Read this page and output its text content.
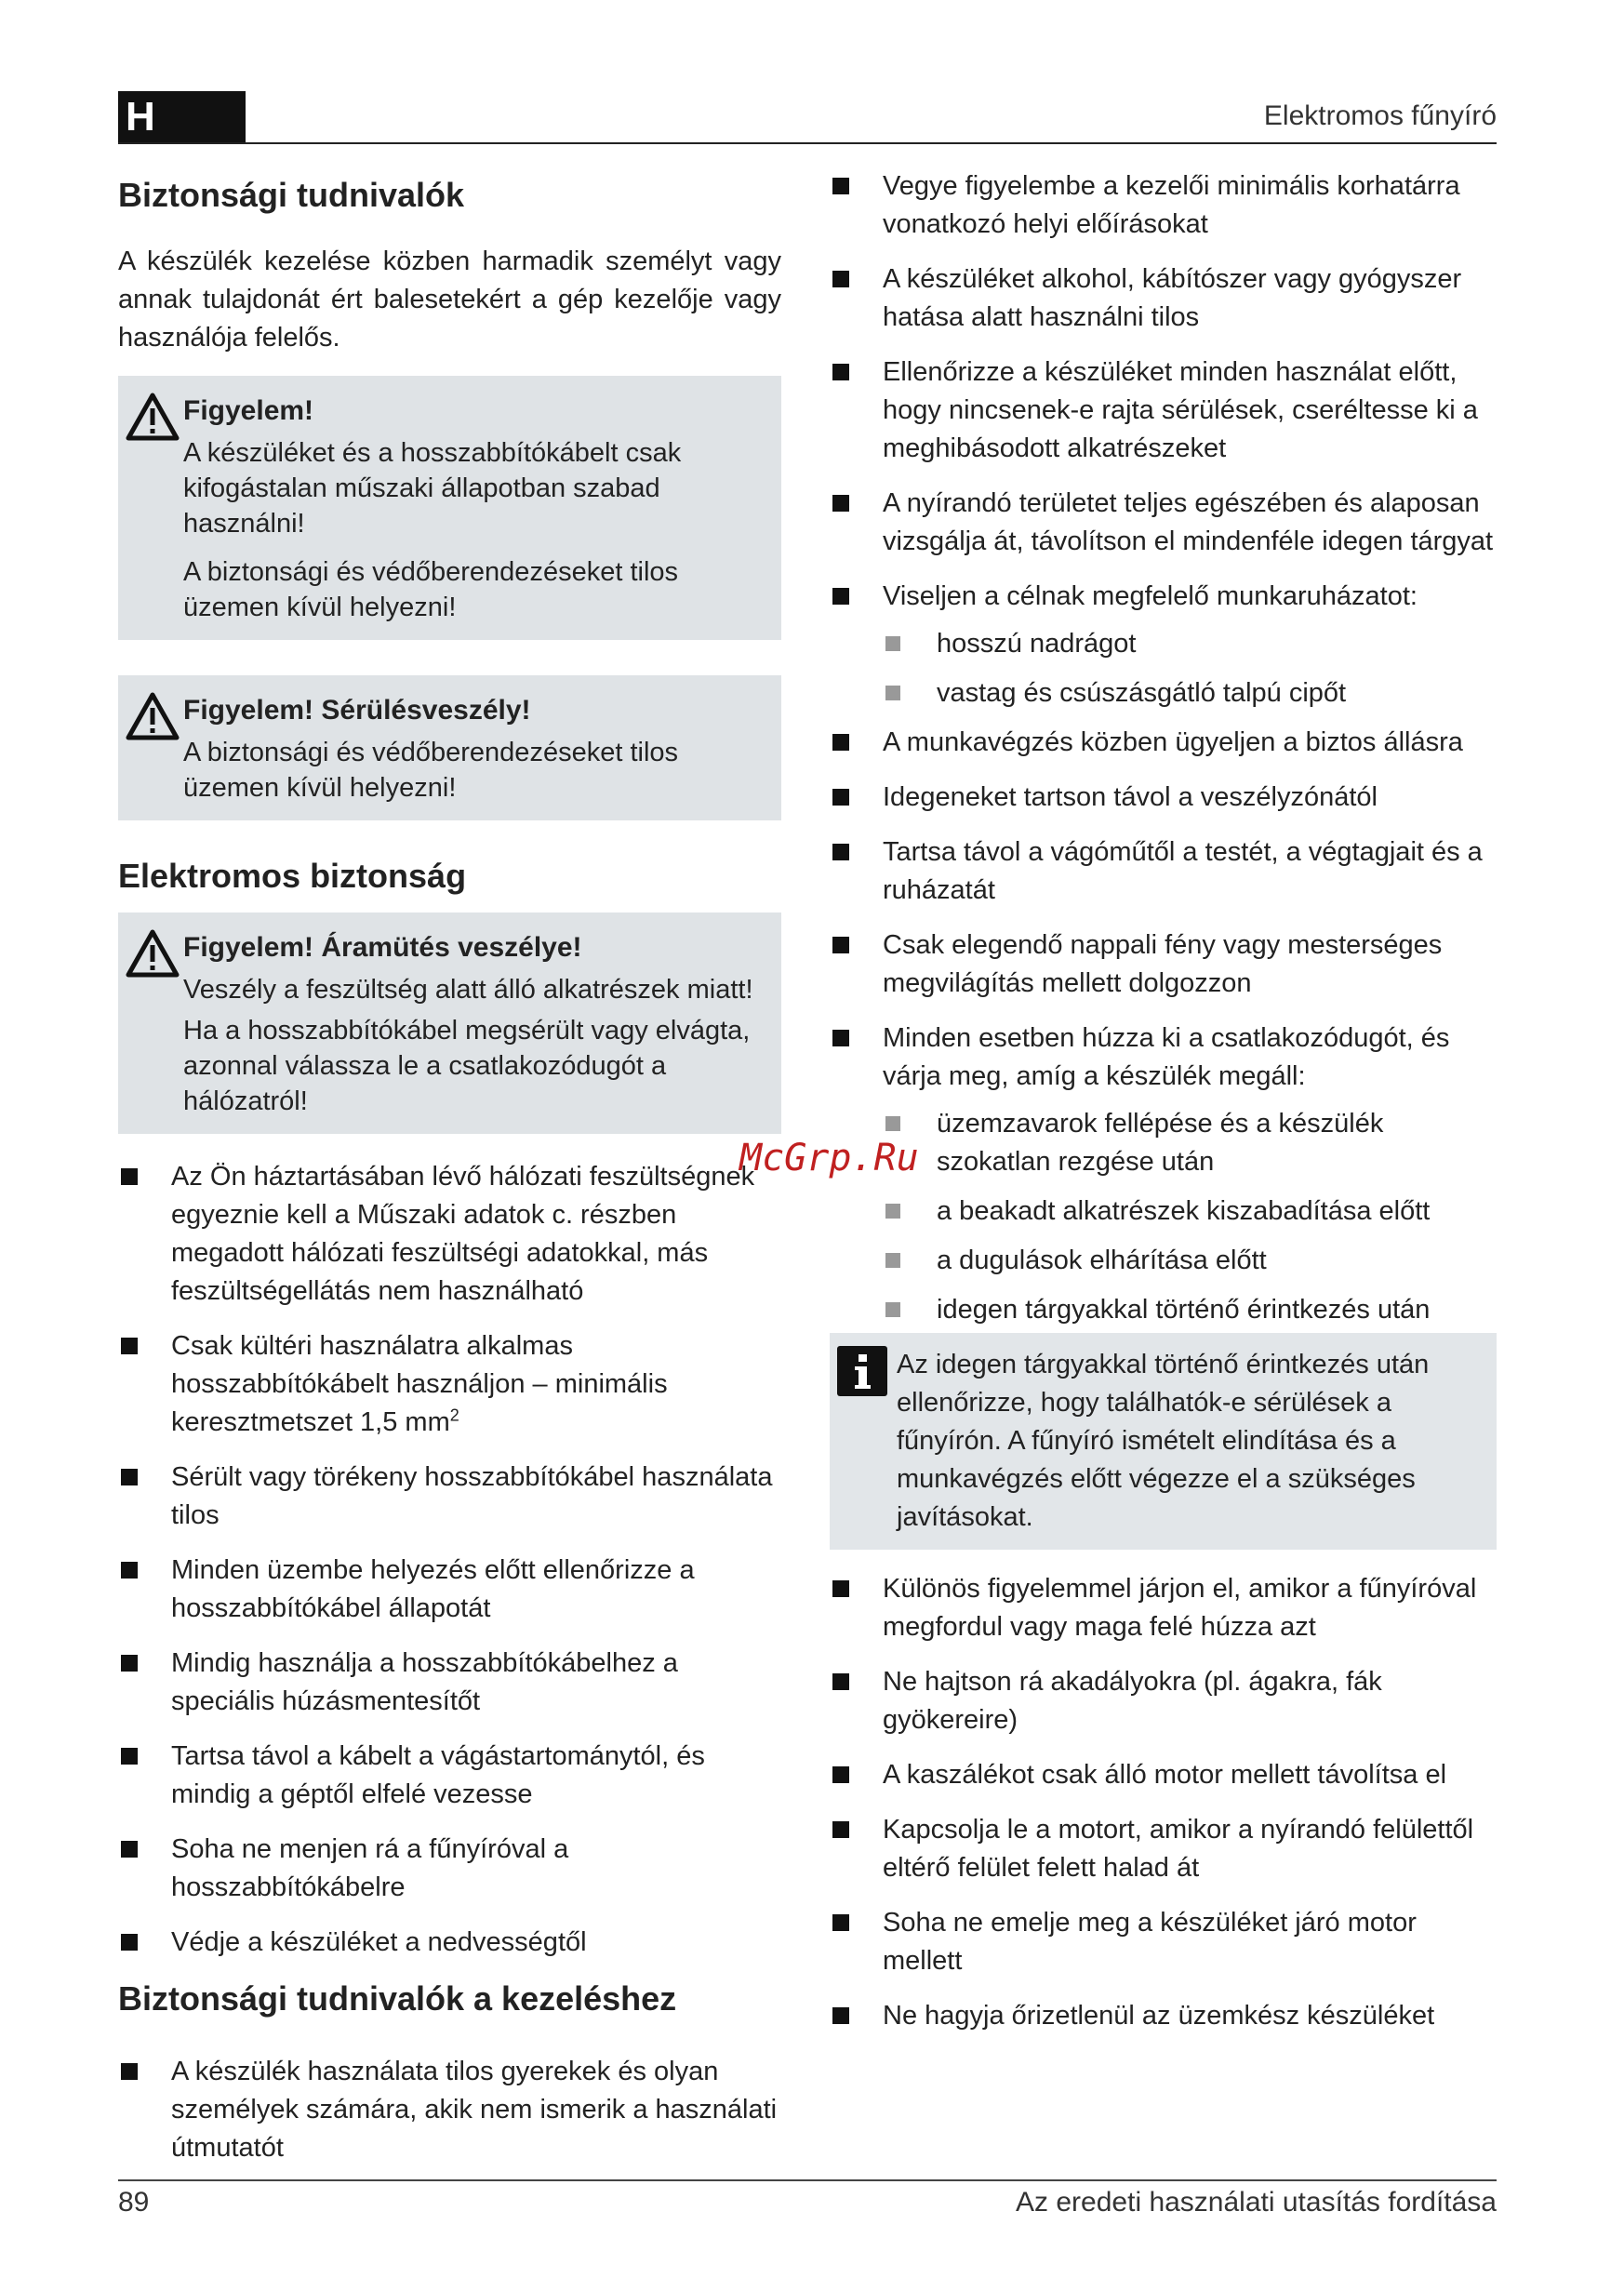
H	Elektromos fűnyíró
Biztonsági tudnivalók

A készülék kezelése közben harmadik személyt vagy annak tulajdonát ért balesetekért a gép kezelője vagy használója felelős.

Figyelem!
A készüléket és a hosszabbítókábelt csak kifogástalan műszaki állapotban szabad használni!
A biztonsági és védőberendezéseket tilos üzemen kívül helyezni!
Figyelem! Sérülésveszély!
A biztonsági és védőberendezéseket tilos üzemen kívül helyezni!
Elektromos biztonság
Figyelem! Áramütés veszélye!
Veszély a feszültség alatt álló alkatrészek miatt!
Ha a hosszabbítókábel megsérült vagy elvágta, azonnal válassza le a csatlakozódugót a hálózatról!
Az Ön háztartásában lévő hálózati feszültségnek egyeznie kell a Műszaki adatok c. részben megadott hálózati feszültségi adatokkal, más feszültségellátás nem használható
Csak kültéri használatra alkalmas hosszabbítókábelt használjon – minimális keresztmetszet 1,5 $mm^2$
Sérült vagy törékeny hosszabbítókábel használata tilos
Minden üzembe helyezés előtt ellenőrizze a hosszabbítókábel állapotát
Mindig használja a hosszabbítókábelhez a speciális húzásmentesítőt
Tartsa távol a kábelt a vágástartománytól, és mindig a géptől elfelé vezesse
Soha ne menjen rá a fűnyíróval a hosszabbítókábelre
Védje a készüléket a nedvességtől
Biztonsági tudnivalók a kezeléshez
A készülék használata tilos gyerekek és olyan személyek számára, akik nem ismerik a használati útmutatót
Vegye figyelembe a kezelői minimális korhatárra vonatkozó helyi előírásokat
A készüléket alkohol, kábítószer vagy gyógyszer hatása alatt használni tilos
Ellenőrizze a készüléket minden használat előtt, hogy nincsenek-e rajta sérülések, cseréltesse ki a meghibásodott alkatrészeket
A nyírandó területet teljes egészében és alaposan vizsgálja át, távolítson el mindenféle idegen tárgyat
Viseljen a célnak megfelelő munkaruházatot:
hosszú nadrágot
vastag és csúszásgátló talpú cipőt
A munkavégzés közben ügyeljen a biztos állásra
Idegeneket tartson távol a veszélyzónától
Tartsa távol a vágóműtől a testét, a végtagjait és a ruházatát
Csak elegendő nappali fény vagy mesterséges megvilágítás mellett dolgozzon
Minden esetben húzza ki a csatlakozódugót, és várja meg, amíg a készülék megáll:
üzemzavarok fellépése és a készülék szokatlan rezgése után
a beakadt alkatrészek kiszabadítása előtt
a dugulások elhárítása előtt
idegen tárgyakkal történő érintkezés után
Az idegen tárgyakkal történő érintkezés után ellenőrizze, hogy találhatók-e sérülések a fűnyírón. A fűnyíró ismételt elindítása és a munkavégzés előtt végezze el a szükséges javításokat.
Különös figyelemmel járjon el, amikor a fűnyíróval megfordul vagy maga felé húzza azt
Ne hajtson rá akadályokra (pl. ágakra, fák gyökereire)
A kaszálékot csak álló motor mellett távolítsa el
Kapcsolja le a motort, amikor a nyírandó felülettől eltérő felület felett halad át
Soha ne emelje meg a készüléket járó motor mellett
Ne hagyja őrizetlenül az üzemkész készüléket
McGrp.Ru
89	Az eredeti használati utasítás fordítása
